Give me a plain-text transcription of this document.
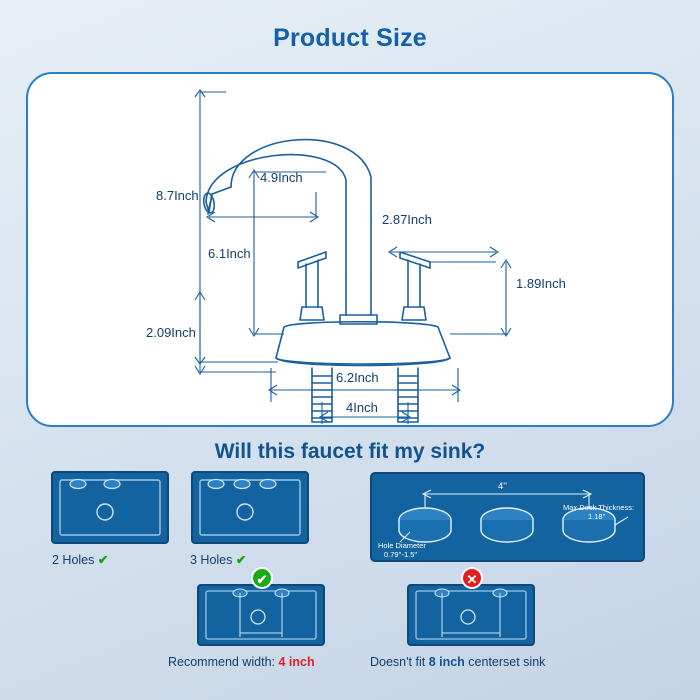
Product Size
8.7Inch
4.9Inch
2.87Inch
6.1Inch
1.89Inch
2.09Inch
6.2Inch
4Inch
Will this faucet fit my sink?
2 Holes ✔	3 Holes ✔
4''
Max Deck Thickness:
1.18''
Hole Diameter
0.79''-1.5''
✔
Recommend width: 4 inch
✕
Doesn't fit 8 inch centerset sink
